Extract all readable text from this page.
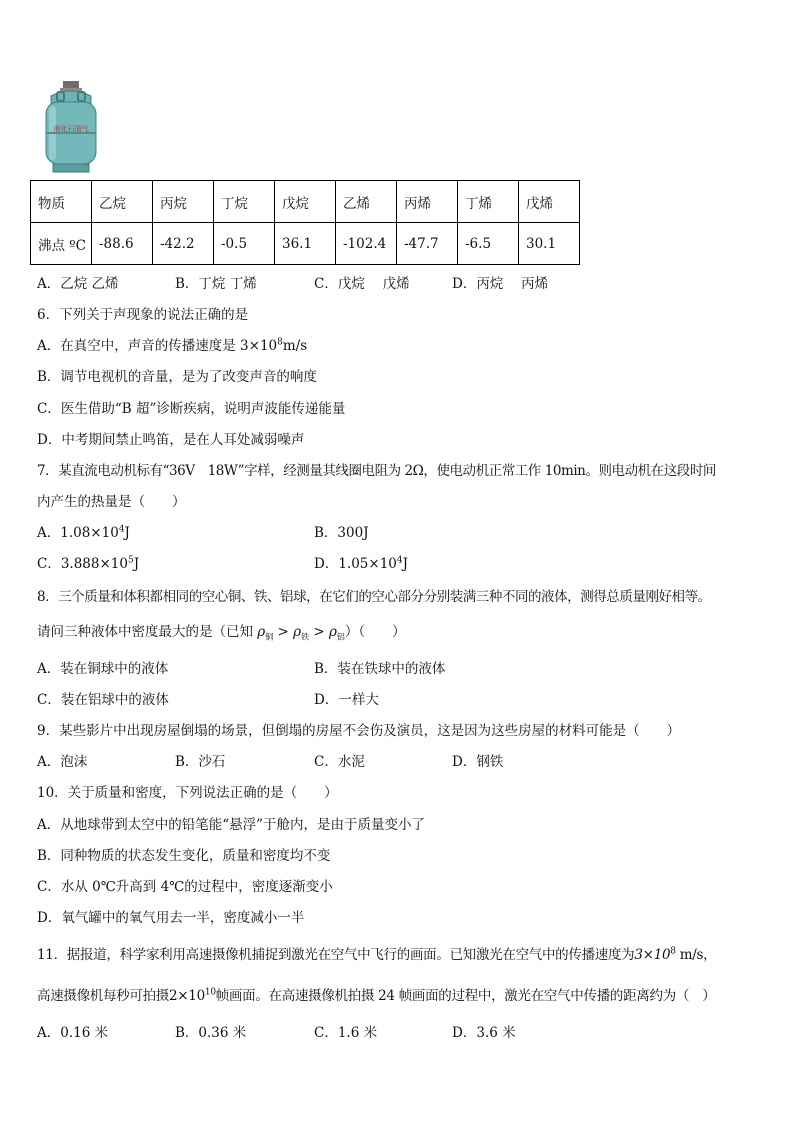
液化石油气
物质	乙烷	丙烷	丁烷	戊烷	乙烯	丙烯	丁烯	戊烯
沸点 ºC	-88.6	-42.2	-0.5	36.1	-102.4	-47.7	-6.5	30.1
A．乙烷 乙烯	B．丁烷 丁烯	C．戊烷　 戊烯	D．丙烷　 丙烯
6．下列关于声现象的说法正确的是
A．在真空中，声音的传播速度是 $3\times 10^8m/s$
B．调节电视机的音量，是为了改变声音的响度
C．医生借助“B 超”诊断疾病，说明声波能传递能量
D．中考期间禁止鸣笛，是在人耳处减弱噪声
7．某直流电动机标有“36V　18W”字样，经测量其线圈电阻为 2Ω，使电动机正常工作 10min。则电动机在这段时间
内产生的热量是（　　）
A．$1.08\times 10^4J$	B．300J
C．$3.888\times 10^5J$	D．$1.05\times 10^4J$
8．三个质量和体积都相同的空心铜、铁、铝球，在它们的空心部分分别装满三种不同的液体，测得总质量刚好相等。
请问三种液体中密度最大的是（已知 $\rho_铜 > \rho_铁 > \rho_铝$）（　　）
A．装在铜球中的液体	B．装在铁球中的液体
C．装在铝球中的液体	D．一样大
9．某些影片中出现房屋倒塌的场景，但倒塌的房屋不会伤及演员，这是因为这些房屋的材料可能是（　　）
A．泡沫	B．沙石	C．水泥	D．钢铁
10．关于质量和密度，下列说法正确的是（　　）
A．从地球带到太空中的铅笔能“悬浮”于舱内，是由于质量变小了
B．同种物质的状态发生变化，质量和密度均不变
C．水从 0℃升高到 4℃的过程中，密度逐渐变小
D．氧气罐中的氧气用去一半，密度减小一半
11．据报道，科学家利用高速摄像机捕捉到激光在空气中飞行的画面。已知激光在空气中的传播速度为$3\times 10^8$ m/s，
高速摄像机每秒可拍摄$2\times 10^{10}$帧画面。在高速摄像机拍摄 24 帧画面的过程中，激光在空气中传播的距离约为（　）
A．0.16 米	B．0.36 米	C．1.6 米	D．3.6 米
